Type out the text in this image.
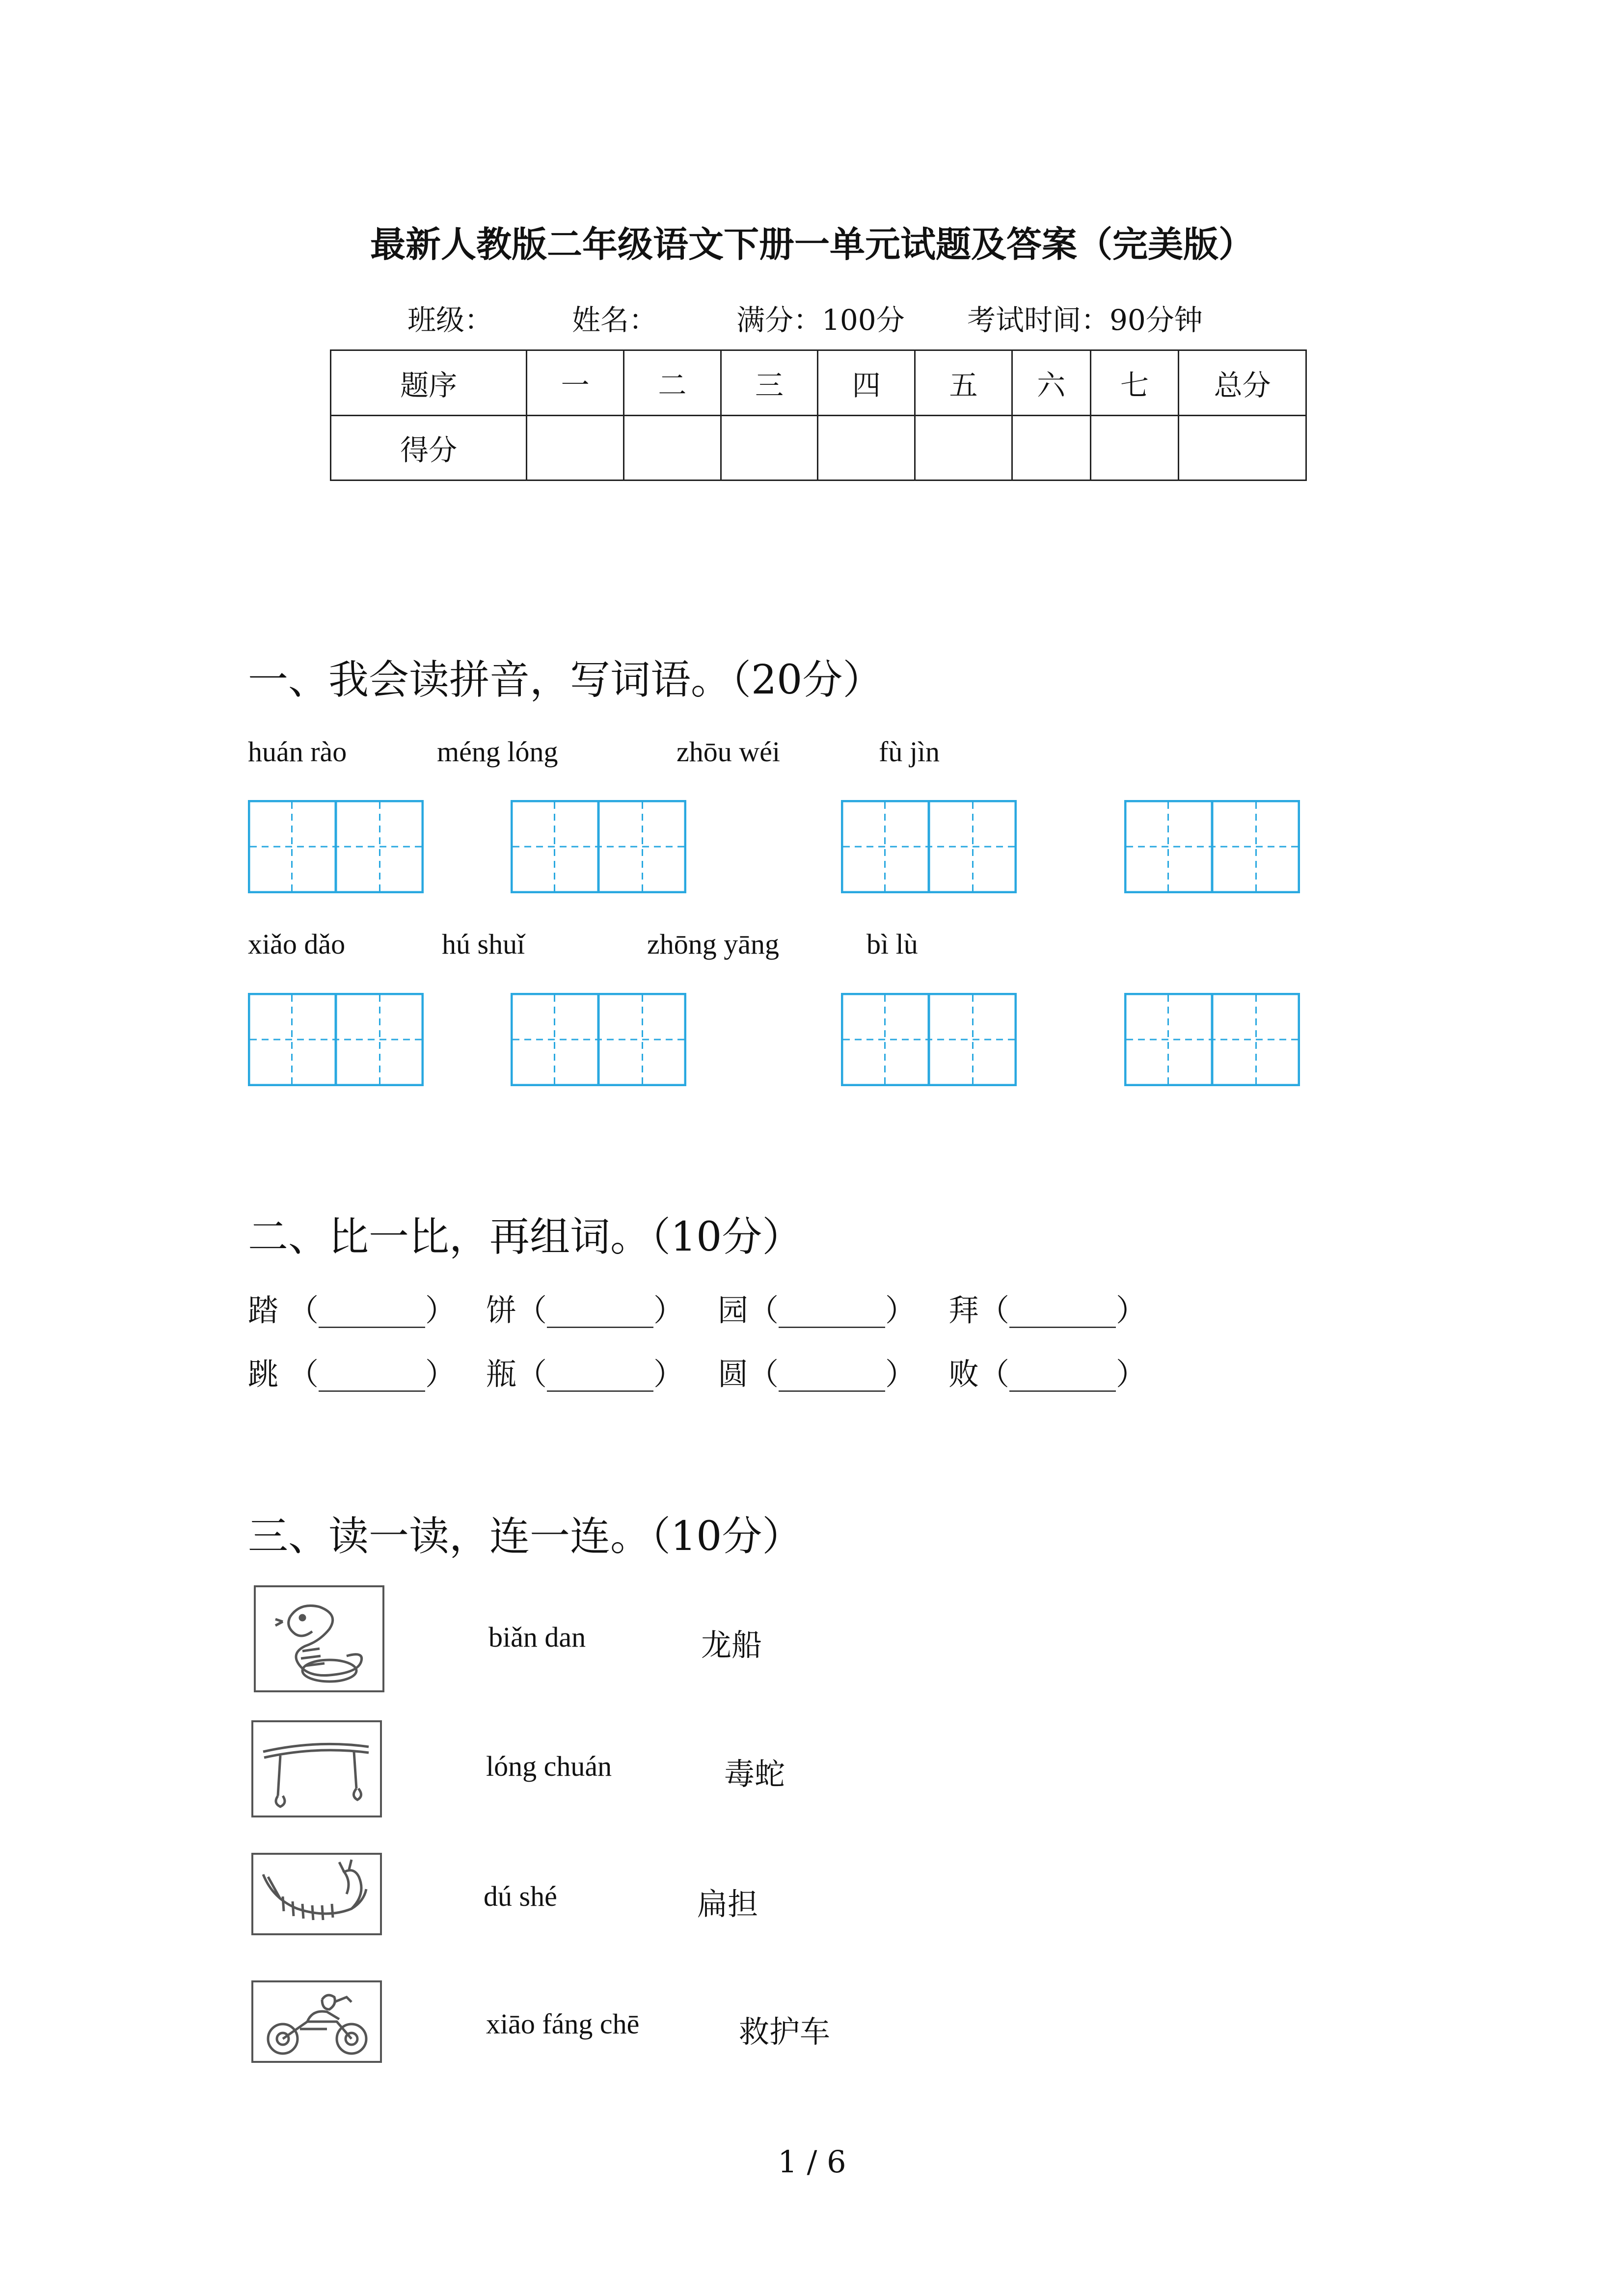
最新人教版二年级语文下册一单元试题及答案（完美版）
班级：	姓名：	满分：100分 考试时间：90分钟
题序	一	二	三	四	五	六	七	总分
得分								
一、我会读拼音，写词语。（20分）
huán rào	méng lóng	zhōu wéi	fù jìn
xiǎo dǎo	hú shuǐ	zhōng yāng	bì lù
二、比一比，再组词。（10分）
踏 （_______） 饼（_______） 园（_______） 拜（_______）
跳 （_______） 瓶（_______） 圆（_______） 败（_______）
三、读一读，连一连。（10分）
biǎn dan	龙船
lóng chuán	毒蛇
dú shé	扁担
xiāo fáng chē	救护车
1 / 6
